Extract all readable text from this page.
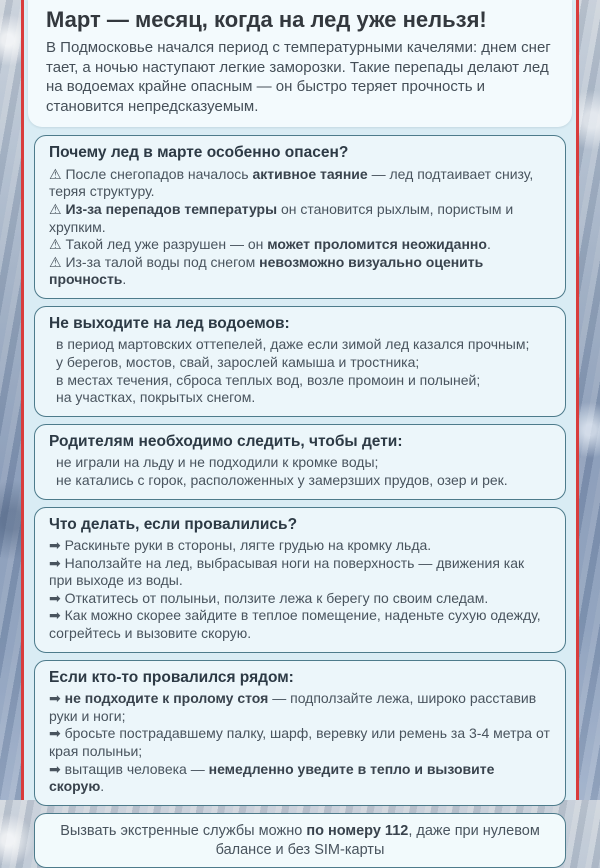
Март — месяц, когда на лед уже нельзя!

В Подмосковье начался период с температурными качелями: днем снег тает, а ночью наступают легкие заморозки. Такие перепады делают лед на водоемах крайне опасным — он быстро теряет прочность и становится непредсказуемым.

Почему лед в марте особенно опасен?

⚠ После снегопадов началось активное таяние — лед подтаивает снизу, теряя структуру.

⚠ Из-за перепадов температуры он становится рыхлым, пористым и хрупким.

⚠ Такой лед уже разрушен — он может проломится неожиданно.

⚠ Из-за талой воды под снегом невозможно визуально оценить прочность.

Не выходите на лед водоемов:

в период мартовских оттепелей, даже если зимой лед казался прочным;

у берегов, мостов, свай, зарослей камыша и тростника;

в местах течения, сброса теплых вод, возле промоин и полыней;

на участках, покрытых снегом.

Родителям необходимо следить, чтобы дети:

не играли на льду и не подходили к кромке воды;

не катались с горок, расположенных у замерзших прудов, озер и рек.

Что делать, если провалились?

➡ Раскиньте руки в стороны, лягте грудью на кромку льда.

➡ Наползайте на лед, выбрасывая ноги на поверхность — движения как при выходе из воды.

➡ Откатитесь от полыньи, ползите лежа к берегу по своим следам.

➡ Как можно скорее зайдите в теплое помещение, наденьте сухую одежду, согрейтесь и вызовите скорую.

Если кто-то провалился рядом:

➡ не подходите к пролому стоя — подползайте лежа, широко расставив руки и ноги;

➡ бросьте пострадавшему палку, шарф, веревку или ремень за 3-4 метра от края полыньи;

➡ вытащив человека — немедленно уведите в тепло и вызовите скорую.

Вызвать экстренные службы можно по номеру 112, даже при нулевом балансе и без SIM-карты
